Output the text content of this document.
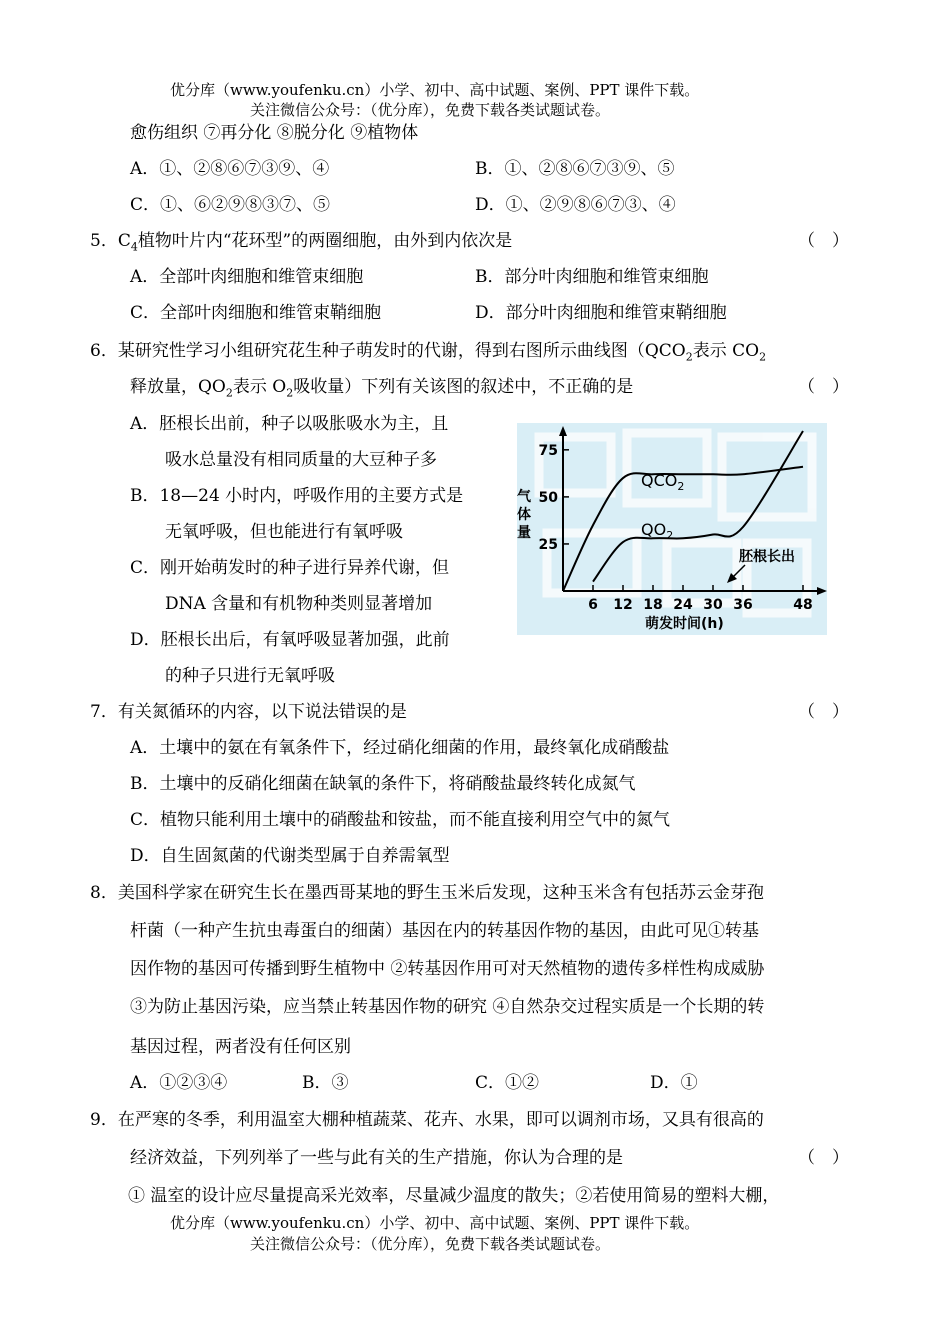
优分库（www.youfenku.cn）小学、初中、高中试题、案例、PPT 课件下载。
关注微信公众号：（优分库），免费下载各类试题试卷。
愈伤组织 ⑦再分化 ⑧脱分化 ⑨植物体
A．①、②⑧⑥⑦③⑨、④	B．①、②⑧⑥⑦③⑨、⑤
C．①、⑥②⑨⑧③⑦、⑤	D．①、②⑨⑧⑥⑦③、④
5．$C_4$植物叶片内“花环型”的两圈细胞，由外到内依次是	（　）
A．全部叶肉细胞和维管束细胞	B．部分叶肉细胞和维管束细胞
C．全部叶肉细胞和维管束鞘细胞	D．部分叶肉细胞和维管束鞘细胞
6．某研究性学习小组研究花生种子萌发时的代谢，得到右图所示曲线图（$QCO_2$表示 $CO_2$
释放量，$QO_2$表示 $O_2$吸收量）下列有关该图的叙述中，不正确的是	（　）
A．胚根长出前，种子以吸胀吸水为主，且
吸水总量没有相同质量的大豆种子多
B．18—24 小时内，呼吸作用的主要方式是
无氧呼吸，但也能进行有氧呼吸
C．刚开始萌发时的种子进行异养代谢，但
DNA 含量和有机物种类则显著增加
D．胚根长出后，有氧呼吸显著加强，此前
的种子只进行无氧呼吸
6 12 18 24 30 36	48
25
50
75
气
体
量
萌发时间(h)
胚根长出
$QCO_2$
$QO_2$
7．有关氮循环的内容，以下说法错误的是	（　）
A．土壤中的氨在有氧条件下，经过硝化细菌的作用，最终氧化成硝酸盐
B．土壤中的反硝化细菌在缺氧的条件下，将硝酸盐最终转化成氮气
C．植物只能利用土壤中的硝酸盐和铵盐，而不能直接利用空气中的氮气
D．自生固氮菌的代谢类型属于自养需氧型
8．美国科学家在研究生长在墨西哥某地的野生玉米后发现，这种玉米含有包括苏云金芽孢
杆菌（一种产生抗虫毒蛋白的细菌）基因在内的转基因作物的基因，由此可见①转基
因作物的基因可传播到野生植物中 ②转基因作用可对天然植物的遗传多样性构成威胁
③为防止基因污染，应当禁止转基因作物的研究 ④自然杂交过程实质是一个长期的转
基因过程，两者没有任何区别
A．①②③④	B．③	C．①②	D．①
9．在严寒的冬季，利用温室大棚种植蔬菜、花卉、水果，即可以调剂市场，又具有很高的
经济效益，下列列举了一些与此有关的生产措施，你认为合理的是	（　）
① 温室的设计应尽量提高采光效率，尽量减少温度的散失；②若使用简易的塑料大棚，
优分库（www.youfenku.cn）小学、初中、高中试题、案例、PPT 课件下载。
关注微信公众号：（优分库），免费下载各类试题试卷。
